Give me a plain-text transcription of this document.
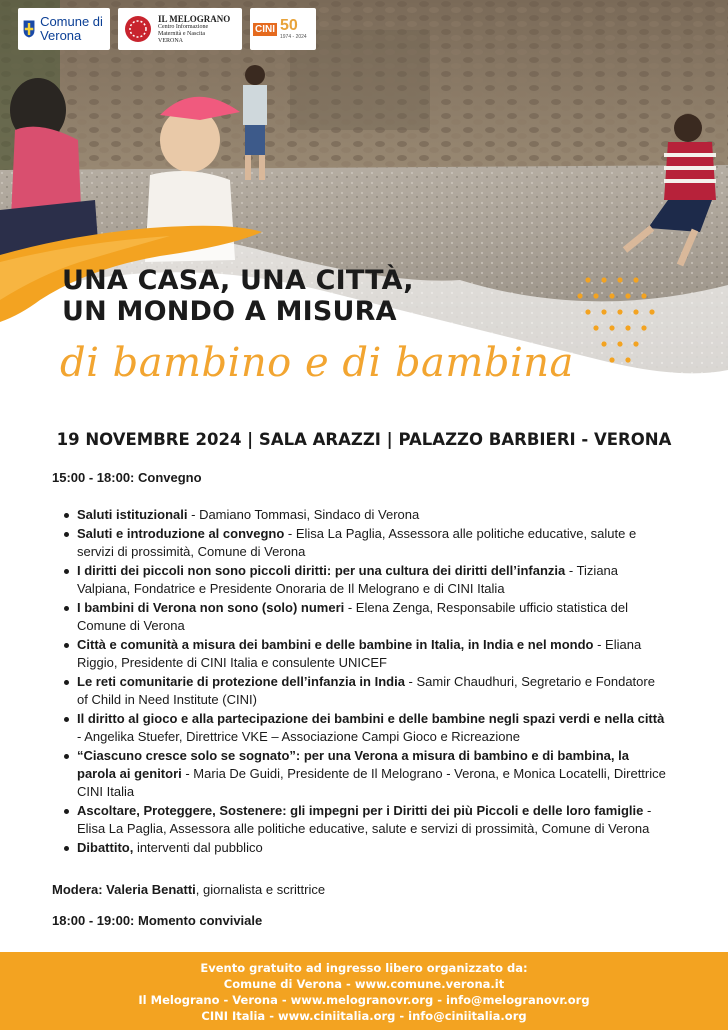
Comune di Verona
IL MELOGRANO
Centro Informazione
Maternità e Nascita
VERONA
CINI 50
1974 - 2024
UNA CASA, UNA CITTÀ,
UN MONDO A MISURA
di bambino e di bambina
19 NOVEMBRE 2024 | SALA ARAZZI | PALAZZO BARBIERI - VERONA
15:00 - 18:00: Convegno
Saluti istituzionali - Damiano Tommasi, Sindaco di Verona
Saluti e introduzione al convegno - Elisa La Paglia, Assessora alle politiche educative, salute e servizi di prossimità, Comune di Verona
I diritti dei piccoli non sono piccoli diritti: per una cultura dei diritti dell’infanzia - Tiziana Valpiana, Fondatrice e Presidente Onoraria de Il Melograno e di CINI Italia
I bambini di Verona non sono (solo) numeri - Elena Zenga, Responsabile ufficio statistica del Comune di Verona
Città e comunità a misura dei bambini e delle bambine in Italia, in India e nel mondo - Eliana Riggio, Presidente di CINI Italia e consulente UNICEF
Le reti comunitarie di protezione dell’infanzia in India - Samir Chaudhuri, Segretario e Fondatore of Child in Need Institute (CINI)
Il diritto al gioco e alla partecipazione dei bambini e delle bambine negli spazi verdi e nella città - Angelika Stuefer, Direttrice VKE – Associazione Campi Gioco e Ricreazione
“Ciascuno cresce solo se sognato”: per una Verona a misura di bambino e di bambina, la parola ai genitori - Maria De Guidi, Presidente de Il Melograno - Verona, e Monica Locatelli, Direttrice CINI Italia
Ascoltare, Proteggere, Sostenere: gli impegni per i Diritti dei più Piccoli e delle loro famiglie - Elisa La Paglia, Assessora alle politiche educative, salute e servizi di prossimità, Comune di Verona
Dibattito, interventi dal pubblico
Modera: Valeria Benatti, giornalista e scrittrice
18:00 - 19:00: Momento conviviale
Evento gratuito ad ingresso libero organizzato da:
Comune di Verona - www.comune.verona.it
Il Melograno - Verona - www.melogranovr.org - info@melogranovr.org
CINI Italia - www.ciniitalia.org - info@ciniitalia.org
